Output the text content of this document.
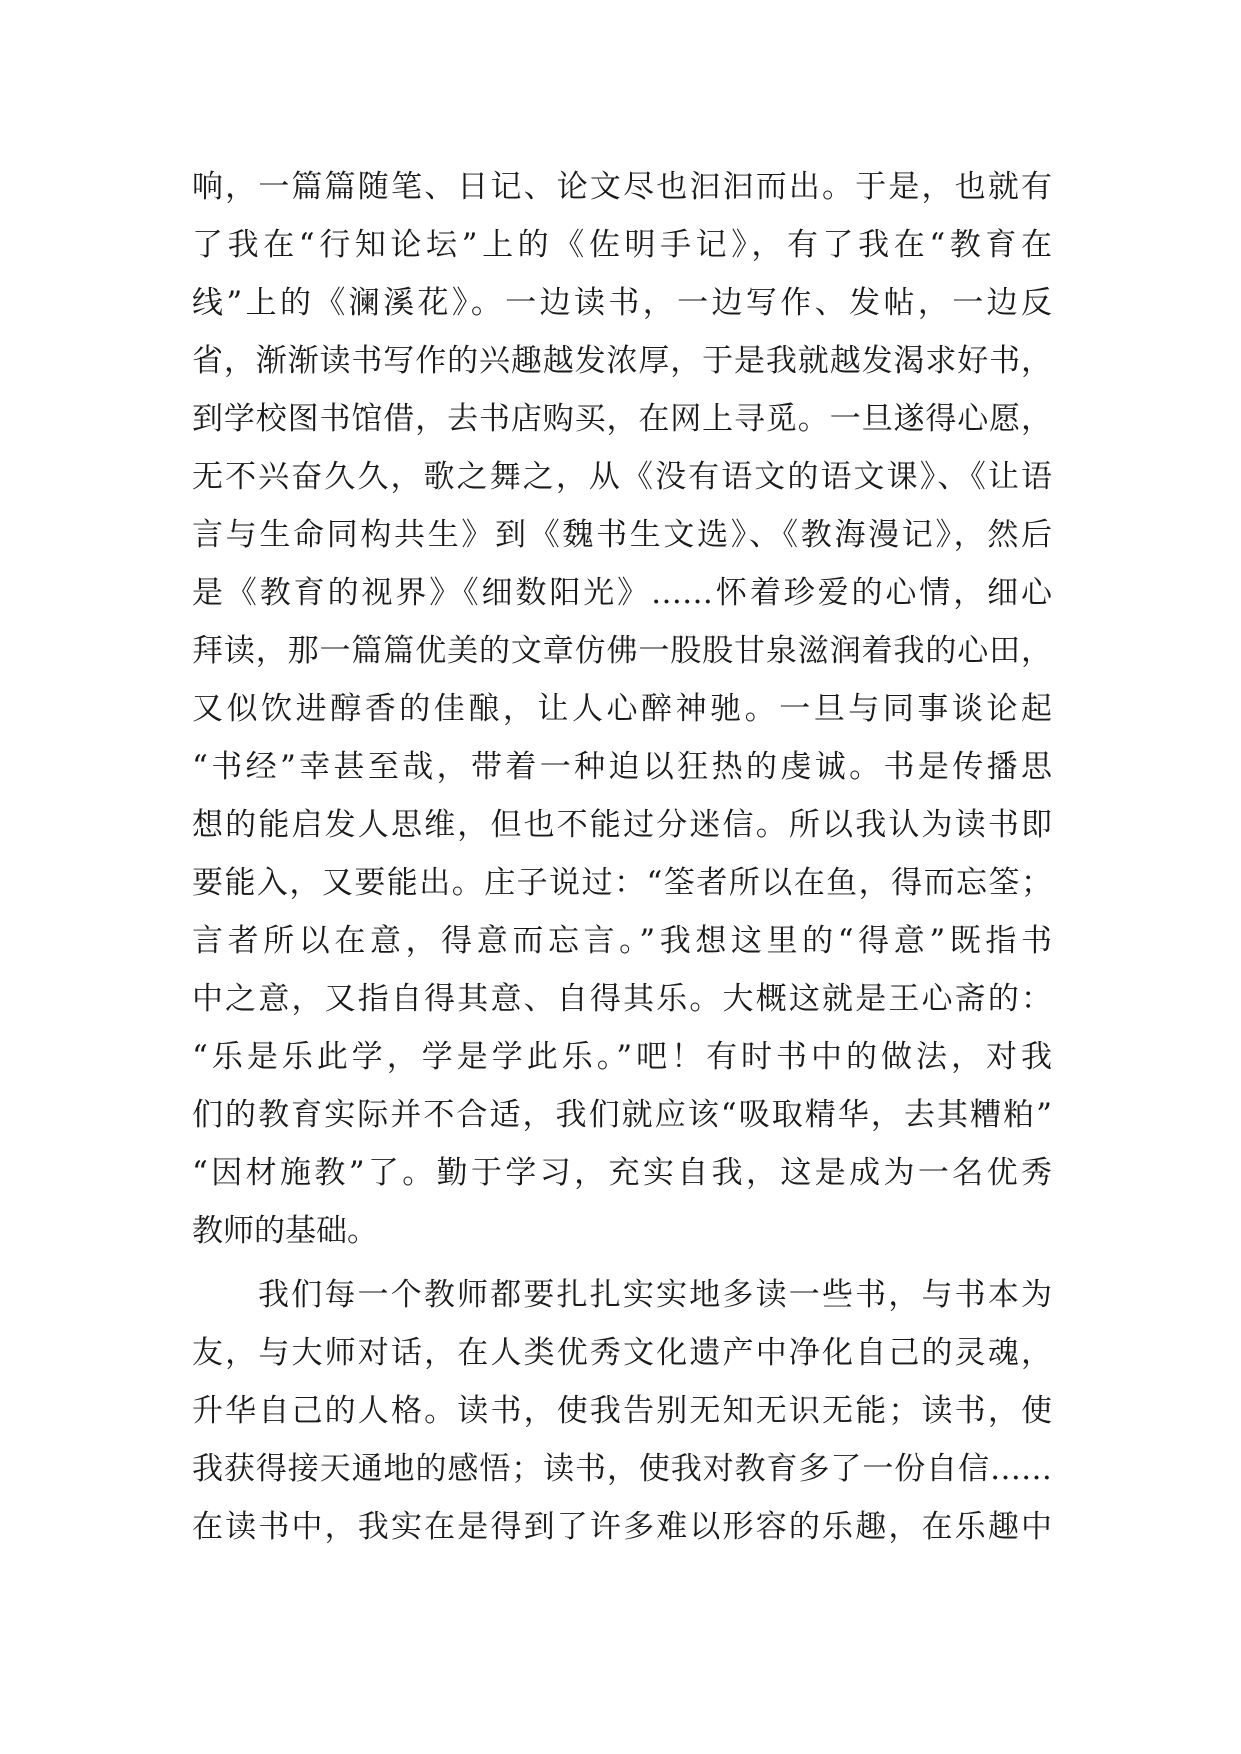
响，一篇篇随笔、日记、论文尽也汩汩而出。于是，也就有
了我在“行知论坛”上的《佐明手记》，有了我在“教育在
线”上的《澜溪花》。一边读书，一边写作、发帖，一边反
省，渐渐读书写作的兴趣越发浓厚，于是我就越发渴求好书，
到学校图书馆借，去书店购买，在网上寻觅。一旦遂得心愿，
无不兴奋久久，歌之舞之，从《没有语文的语文课》、《让语
言与生命同构共生》到《魏书生文选》、《教海漫记》，然后
是《教育的视界》《细数阳光》……怀着珍爱的心情，细心
拜读，那一篇篇优美的文章仿佛一股股甘泉滋润着我的心田，
又似饮进醇香的佳酿，让人心醉神驰。一旦与同事谈论起
“书经”幸甚至哉，带着一种迫以狂热的虔诚。书是传播思
想的能启发人思维，但也不能过分迷信。所以我认为读书即
要能入，又要能出。庄子说过：“筌者所以在鱼，得而忘筌；
言者所以在意，得意而忘言。”我想这里的“得意”既指书
中之意，又指自得其意、自得其乐。大概这就是王心斋的：
“乐是乐此学，学是学此乐。”吧！有时书中的做法，对我
们的教育实际并不合适，我们就应该“吸取精华，去其糟粕”
“因材施教”了。勤于学习，充实自我，这是成为一名优秀
教师的基础。
我们每一个教师都要扎扎实实地多读一些书，与书本为
友，与大师对话，在人类优秀文化遗产中净化自己的灵魂，
升华自己的人格。读书，使我告别无知无识无能；读书，使
我获得接天通地的感悟；读书，使我对教育多了一份自信……
在读书中，我实在是得到了许多难以形容的乐趣，在乐趣中
